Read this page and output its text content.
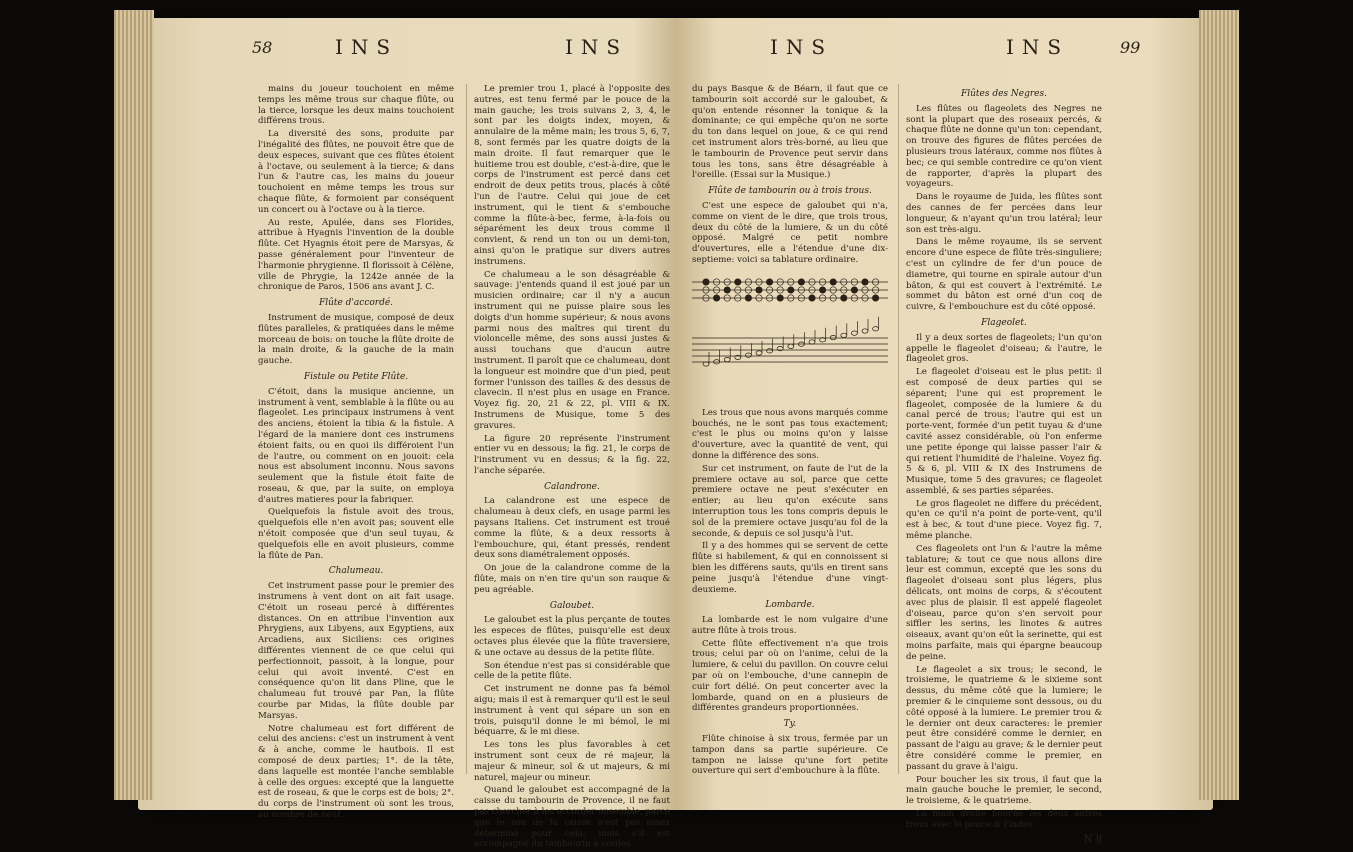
58	INS	INS

mains du joueur touchoient en même temps les même trous sur chaque flûte, ou la tierce, lorsque les deux mains touchoient différens trous.

La diversité des sons, produite par l'inégalité des flûtes, ne pouvoit être que de deux especes, suivant que ces flûtes étoient à l'octave, ou seulement à la tierce; & dans l'un & l'autre cas, les mains du joueur touchoient en même temps les trous sur chaque flûte, & formoient par conséquent un concert ou à l'octave ou à la tierce.

Au reste, Apulée, dans ses Florides, attribue à Hyagnis l'invention de la double flûte. Cet Hyagnis étoit pere de Marsyas, & passe généralement pour l'inventeur de l'harmonie phrygienne. Il florissoit à Célène, ville de Phrygie, la 1242e année de la chronique de Paros, 1506 ans avant J. C.

Flûte d'accordé.

Instrument de musique, composé de deux flûtes paralleles, & pratiquées dans le même morceau de bois: on touche la flûte droite de la main droite, & la gauche de la main gauche.

Fistule ou Petite Flûte.

C'étoit, dans la musique ancienne, un instrument à vent, semblable à la flûte ou au flageolet. Les principaux instrumens à vent des anciens, étoient la tibia & la fistule. A l'égard de la maniere dont ces instrumens étoient faits, ou en quoi ils différoient l'un de l'autre, ou comment on en jouoit: cela nous est absolument inconnu. Nous savons seulement que la fistule étoit faite de roseau, & que, par la suite, on employa d'autres matieres pour la fabriquer.

Quelquefois la fistule avoit des trous, quelquefois elle n'en avoit pas; souvent elle n'étoit composée que d'un seul tuyau, & quelquefois elle en avoit plusieurs, comme la flûte de Pan.

Chalumeau.

Cet instrument passe pour le premier des instrumens à vent dont on ait fait usage. C'étoit un roseau percé à différentes distances. On en attribue l'invention aux Phrygiens, aux Libyens, aux Egyptiens, aux Arcadiens, aux Siciliens: ces origines différentes viennent de ce que celui qui perfectionnoit, passoit, à la longue, pour celui qui avoit inventé. C'est en conséquence qu'on lit dans Pline, que le chalumeau fut trouvé par Pan, la flûte courbe par Midas, la flûte double par Marsyas.

Notre chalumeau est fort différent de celui des anciens: c'est un instrument à vent & à anche, comme le hautbois. Il est composé de deux parties; 1°. de la tête, dans laquelle est montée l'anche semblable à celle des orgues: excepté que la languette est de roseau, & que le corps est de bois; 2°. du corps de l'instrument où sont les trous, au nombre de neuf.

Le premier trou 1, placé à l'opposite des autres, est tenu fermé par le pouce de la main gauche; les trois suivans 2, 3, 4, le sont par les doigts index, moyen, & annulaire de la même main; les trous 5, 6, 7, 8, sont fermés par les quatre doigts de la main droite. Il faut remarquer que le huitieme trou est double, c'est-à-dire, que le corps de l'instrument est percé dans cet endroit de deux petits trous, placés à côté l'un de l'autre. Celui qui joue de cet instrument, qui le tient & s'embouche comme la flûte-à-bec, ferme, à-la-fois ou séparément les deux trous comme il convient, & rend un ton ou un demi-ton, ainsi qu'on le pratique sur divers autres instrumens.

Ce chalumeau a le son désagréable & sauvage: j'entends quand il est joué par un musicien ordinaire; car il n'y a aucun instrument qui ne puisse plaire sous les doigts d'un homme supérieur; & nous avons parmi nous des maîtres qui tirent du violoncelle même, des sons aussi justes & aussi touchans que d'aucun autre instrument. Il paroît que ce chalumeau, dont la longueur est moindre que d'un pied, peut former l'unisson des tailles & des dessus de clavecin. Il n'est plus en usage en France. Voyez fig. 20, 21 & 22, pl. VIII & IX. Instrumens de Musique, tome 5 des gravures.

La figure 20 représente l'instrument entier vu en dessous; la fig. 21, le corps de l'instrument vu en dessus; & la fig. 22, l'anche séparée.

Calandrone.

La calandrone est une espece de chalumeau à deux clefs, en usage parmi les paysans Italiens. Cet instrument est troué comme la flûte, & a deux ressorts à l'embouchure, qui, étant pressés, rendent deux sons diamétralement opposés.

On joue de la calandrone comme de la flûte, mais on n'en tire qu'un son rauque & peu agréable.

Galoubet.

Le galoubet est la plus perçante de toutes les especes de flûtes, puisqu'elle est deux octaves plus élevée que la flûte traversiere, & une octave au dessus de la petite flûte.

Son étendue n'est pas si considérable que celle de la petite flûte.

Cet instrument ne donne pas fa bémol aigu; mais il est à remarquer qu'il est le seul instrument à vent qui sépare un son en trois, puisqu'il donne le mi bémol, le mi béquarre, & le mi diese.

Les tons les plus favorables à cet instrument sont ceux de ré majeur, la majeur & mineur, sol & ut majeurs, & mi naturel, majeur ou mineur.

Quand le galoubet est accompagné de la caisse du tambourin de Provence, il ne faut pas chercher à les accorder ensemble, parce que le son de la caisse n'est pas assez déterminé pour cela; mais s'il est accompagné du tambourin à cordes

INS	INS	99

du pays Basque & de Béarn, il faut que ce tambourin soit accordé sur le galoubet, & qu'on entende résonner la tonique & la dominante; ce qui empêche qu'on ne sorte du ton dans lequel on joue, & ce qui rend cet instrument alors très-borné, au lieu que le tambourin de Provence peut servir dans tous les tons, sans être désagréable à l'oreille. (Essai sur la Musique.)

Flûte de tambourin ou à trois trous.

C'est une espece de galoubet qui n'a, comme on vient de le dire, que trois trous, deux du côté de la lumiere, & un du côté opposé. Malgré ce petit nombre d'ouvertures, elle a l'étendue d'une dix-septieme: voici sa tablature ordinaire.

Les trous que nous avons marqués comme bouchés, ne le sont pas tous exactement; c'est le plus ou moins qu'on y laisse d'ouverture, avec la quantité de vent, qui donne la différence des sons.

Sur cet instrument, on faute de l'ut de la premiere octave au sol, parce que cette premiere octave ne peut s'exécuter en entier; au lieu qu'on exécute sans interruption tous les tons compris depuis le sol de la premiere octave jusqu'au fol de la seconde, & depuis ce sol jusqu'à l'ut.

Il y a des hommes qui se servent de cette flûte si habilement, & qui en connoissent si bien les différens sauts, qu'ils en tirent sans peine jusqu'à l'étendue d'une vingt-deuxieme.

Lombarde.

La lombarde est le nom vulgaire d'une autre flûte à trois trous.

Cette flûte effectivement n'a que trois trous; celui par où on l'anime, celui de la lumiere, & celui du pavillon. On couvre celui par où on l'embouche, d'une cannepin de cuir fort délié. On peut concerter avec la lombarde, quand on en a plusieurs de différentes grandeurs proportionnées.

Ty.

Flûte chinoise à six trous, fermée par un tampon dans sa partie supérieure. Ce tampon ne laisse qu'une fort petite ouverture qui sert d'embouchure à la flûte.

Flûtes des Negres.

Les flûtes ou flageolets des Negres ne sont la plupart que des roseaux percés, & chaque flûte ne donne qu'un ton: cependant, on trouve des figures de flûtes percées de plusieurs trous latéraux, comme nos flûtes à bec; ce qui semble contredire ce qu'on vient de rapporter, d'après la plupart des voyageurs.

Dans le royaume de Juida, les flûtes sont des cannes de fer percées dans leur longueur, & n'ayant qu'un trou latéral; leur son est très-aigu.

Dans le même royaume, ils se servent encore d'une espece de flûte très-singuliere; c'est un cylindre de fer d'un pouce de diametre, qui tourne en spirale autour d'un bâton, & qui est couvert à l'extrémité. Le sommet du bâton est orné d'un coq de cuivre, & l'embouchure est du côté opposé.

Flageolet.

Il y a deux sortes de flageolets; l'un qu'on appelle le flageolet d'oiseau; & l'autre, le flageolet gros.

Le flageolet d'oiseau est le plus petit: il est composé de deux parties qui se séparent; l'une qui est proprement le flageolet, composée de la lumiere & du canal percé de trous; l'autre qui est un porte-vent, formée d'un petit tuyau & d'une cavité assez considérable, où l'on enferme une petite éponge qui laisse passer l'air & qui retient l'humidité de l'haleine. Voyez fig. 5 & 6, pl. VIII & IX des Instrumens de Musique, tome 5 des gravures; ce flageolet assemblé, & ses parties séparées.

Le gros flageolet ne differe du précédent, qu'en ce qu'il n'a point de porte-vent, qu'il est à bec, & tout d'une piece. Voyez fig. 7, même planche.

Ces flageolets ont l'un & l'autre la même tablature; & tout ce que nous allons dire leur est commun, excepté que les sons du flageolet d'oiseau sont plus légers, plus délicats, ont moins de corps, & s'écoutent avec plus de plaisir. Il est appelé flageolet d'oiseau, parce qu'on s'en servoit pour siffler les serins, les linotes & autres oiseaux, avant qu'on eût la serinette, qui est moins parfaite, mais qui épargne beaucoup de peine.

Le flageolet a six trous; le second, le troisieme, le quatrieme & le sixieme sont dessus, du même côté que la lumiere; le premier & le cinquieme sont dessous, ou du côté opposé à la lumiere. Le premier trou & le dernier ont deux caracteres: le premier peut être considéré comme le dernier, en passant de l'aigu au grave; & le dernier peut être considéré comme le premier, en passant du grave à l'aigu.

Pour boucher les six trous, il faut que la main gauche bouche le premier, le second, le troisieme, & le quatrieme.

La main droite bouche les deux autres trous avec le pouce & l'index.

N ij
